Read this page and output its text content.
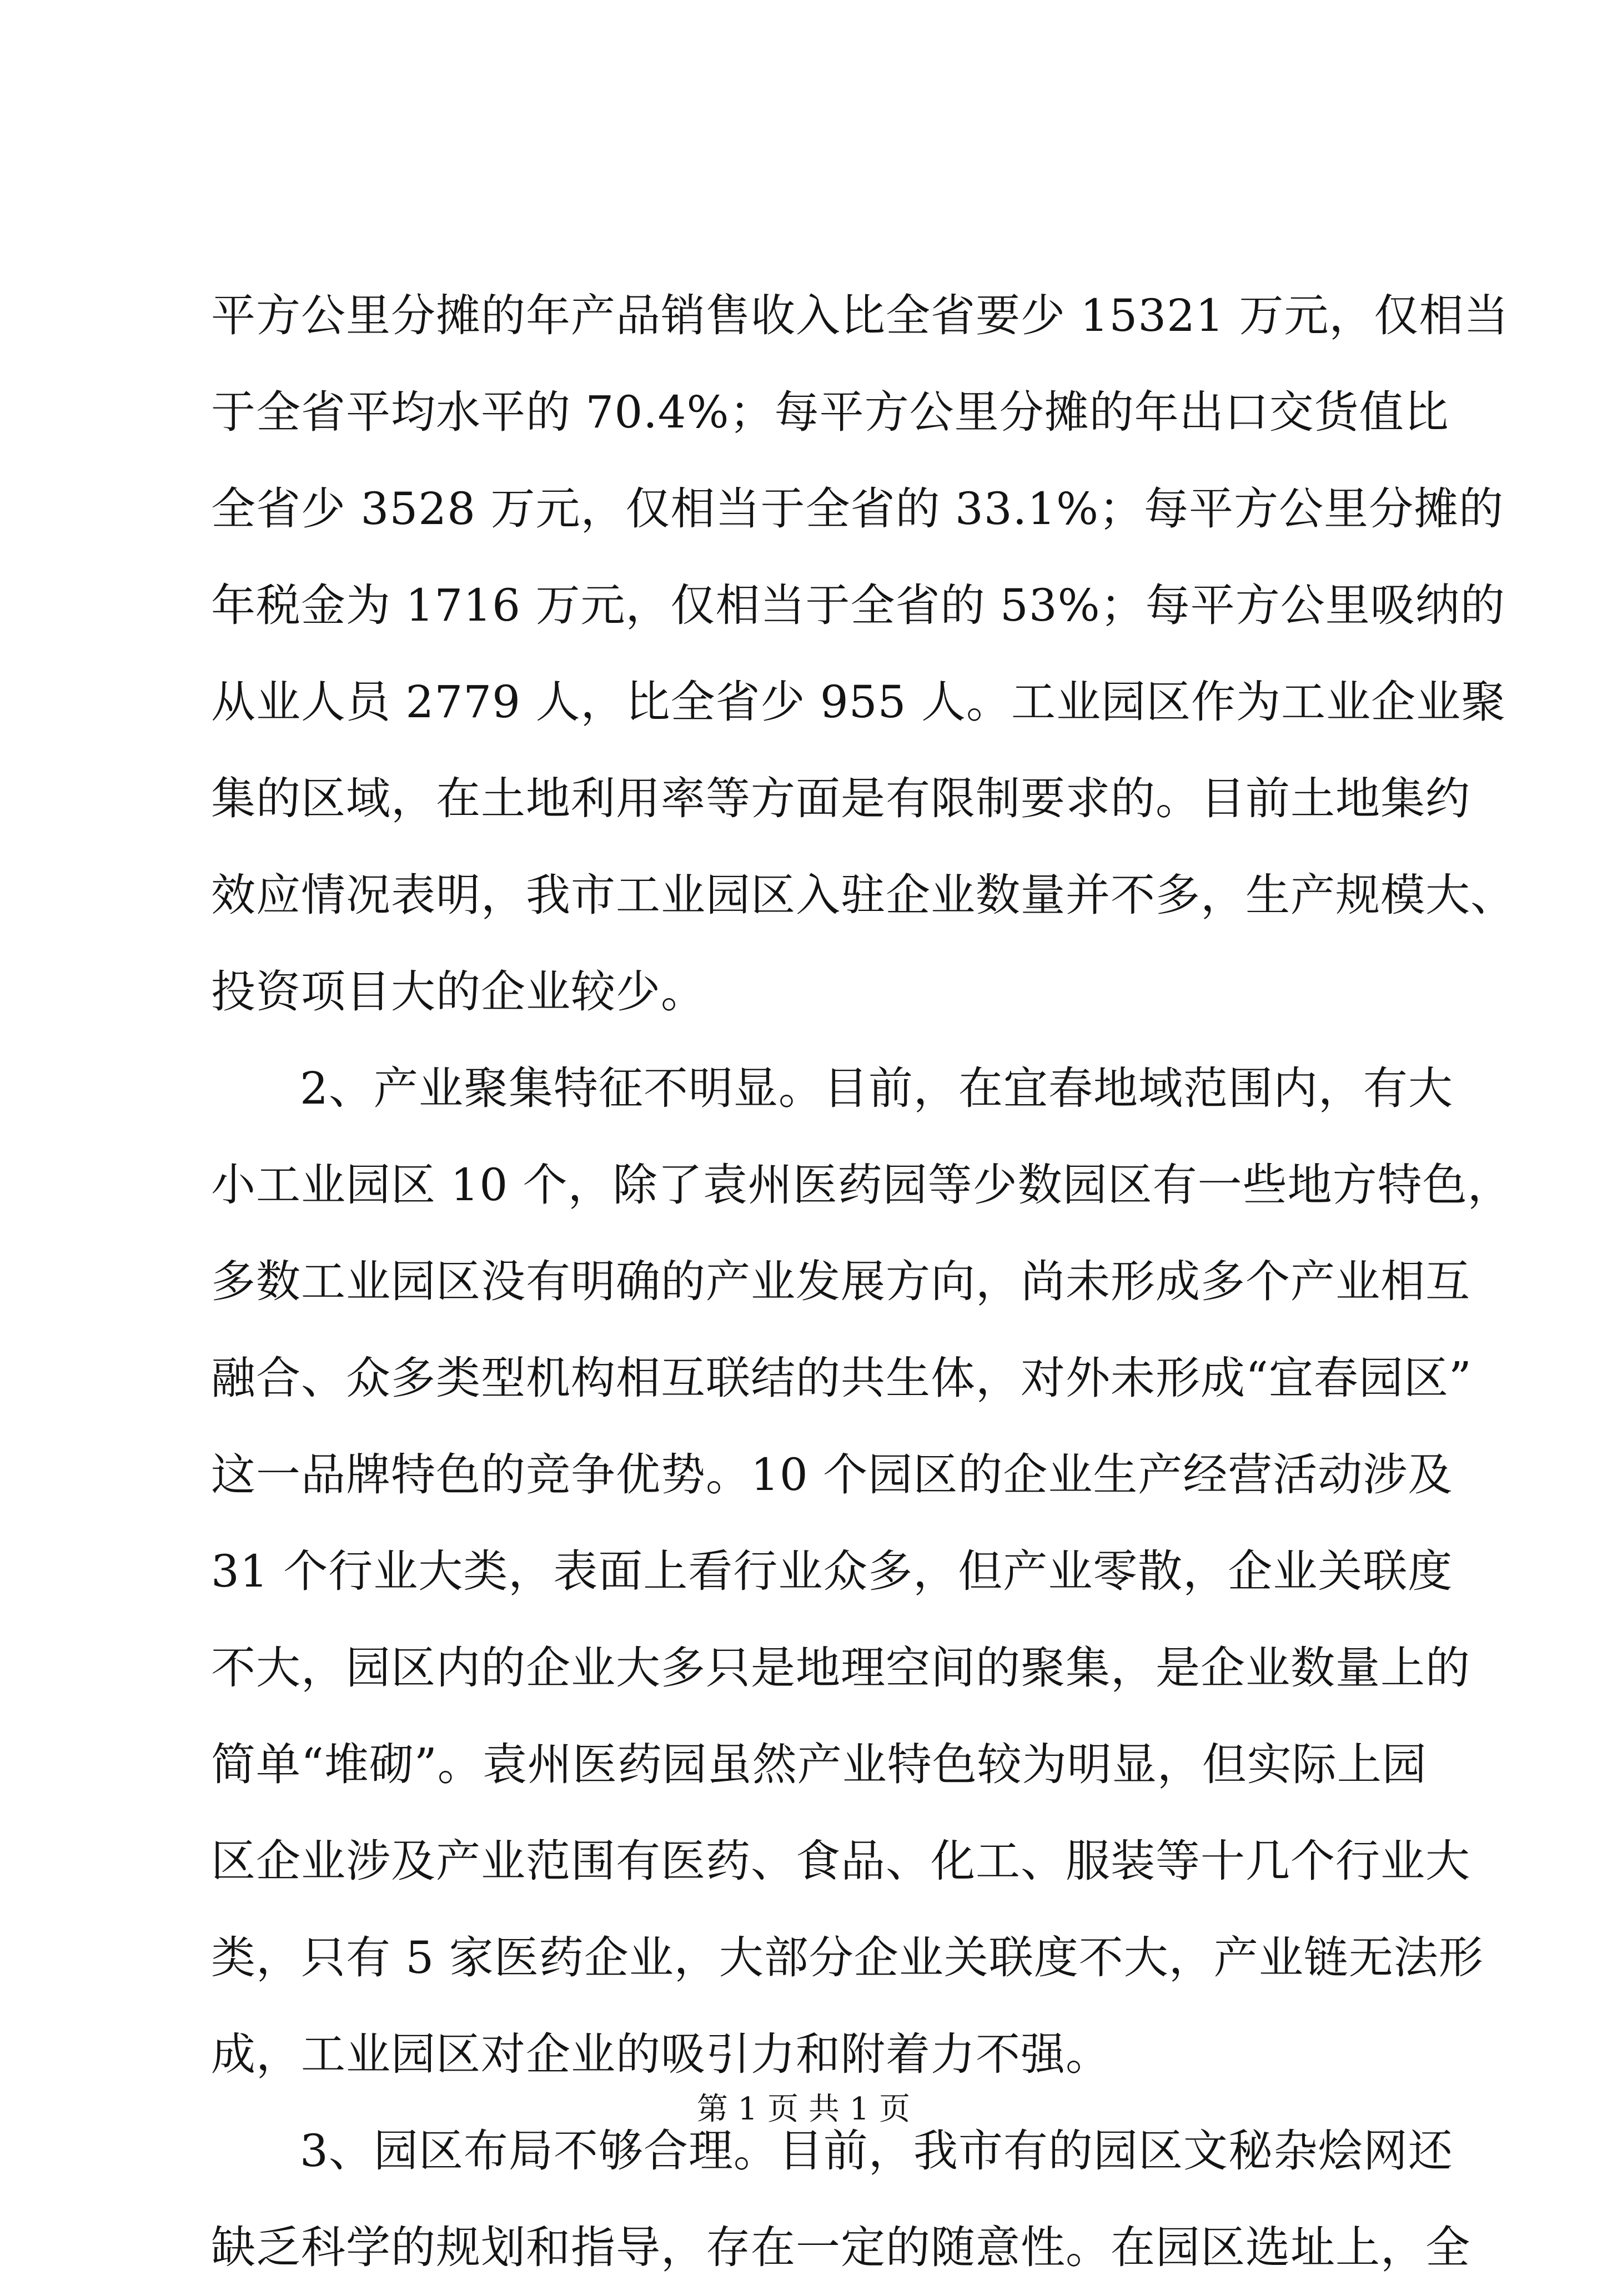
平方公里分摊的年产品销售收入比全省要少 15321 万元，仅相当
于全省平均水平的 70.4%；每平方公里分摊的年出口交货值比
全省少 3528 万元，仅相当于全省的 33.1%；每平方公里分摊的
年税金为 1716 万元，仅相当于全省的 53%；每平方公里吸纳的
从业人员 2779 人，比全省少 955 人。工业园区作为工业企业聚
集的区域，在土地利用率等方面是有限制要求的。目前土地集约
效应情况表明，我市工业园区入驻企业数量并不多，生产规模大、
投资项目大的企业较少。
2、产业聚集特征不明显。目前，在宜春地域范围内，有大
小工业园区 10 个，除了袁州医药园等少数园区有一些地方特色，
多数工业园区没有明确的产业发展方向，尚未形成多个产业相互
融合、众多类型机构相互联结的共生体，对外未形成“宜春园区”
这一品牌特色的竞争优势。10 个园区的企业生产经营活动涉及
31 个行业大类，表面上看行业众多，但产业零散，企业关联度
不大，园区内的企业大多只是地理空间的聚集，是企业数量上的
简单“堆砌”。袁州医药园虽然产业特色较为明显，但实际上园
区企业涉及产业范围有医药、食品、化工、服装等十几个行业大
类，只有 5 家医药企业，大部分企业关联度不大，产业链无法形
成，工业园区对企业的吸引力和附着力不强。
3、园区布局不够合理。目前，我市有的园区文秘杂烩网还
缺乏科学的规划和指导，存在一定的随意性。在园区选址上，全
第 1 页 共 1 页
